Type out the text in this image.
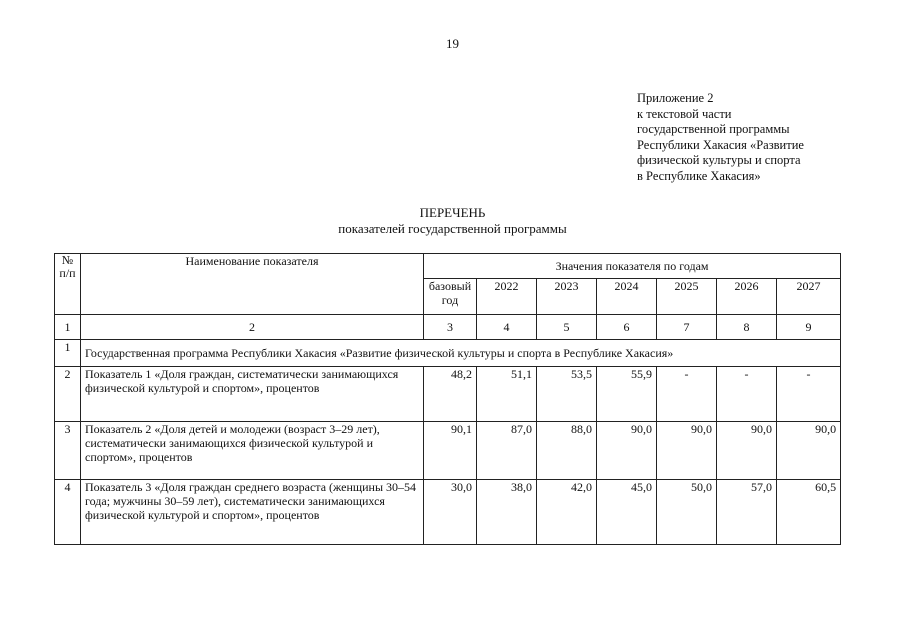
19
Приложение 2
к текстовой части
государственной программы
Республики Хакасия «Развитие
физической культуры и спорта
в Республике Хакасия»
ПЕРЕЧЕНЬ
показателей государственной программы
№ п/п	Наименование показателя	Значения показателя по годам						
		базовый год	2022	2023	2024	2025	2026	2027
1	2	3	4	5	6	7	8	9
1	Государственная программа Республики Хакасия «Развитие физической культуры и спорта в Республике Хакасия»							
2	Показатель 1 «Доля граждан, систематически занимающихся физической культурой и спортом», процентов	48,2	51,1	53,5	55,9	-	-	-
3	Показатель 2 «Доля детей и молодежи (возраст 3–29 лет), систематически занимающихся физической культурой и спортом», процентов	90,1	87,0	88,0	90,0	90,0	90,0	90,0
4	Показатель 3 «Доля граждан среднего возраста (женщины 30–54 года; мужчины 30–59 лет), систематически занимающихся физической культурой и спортом», процентов	30,0	38,0	42,0	45,0	50,0	57,0	60,5
